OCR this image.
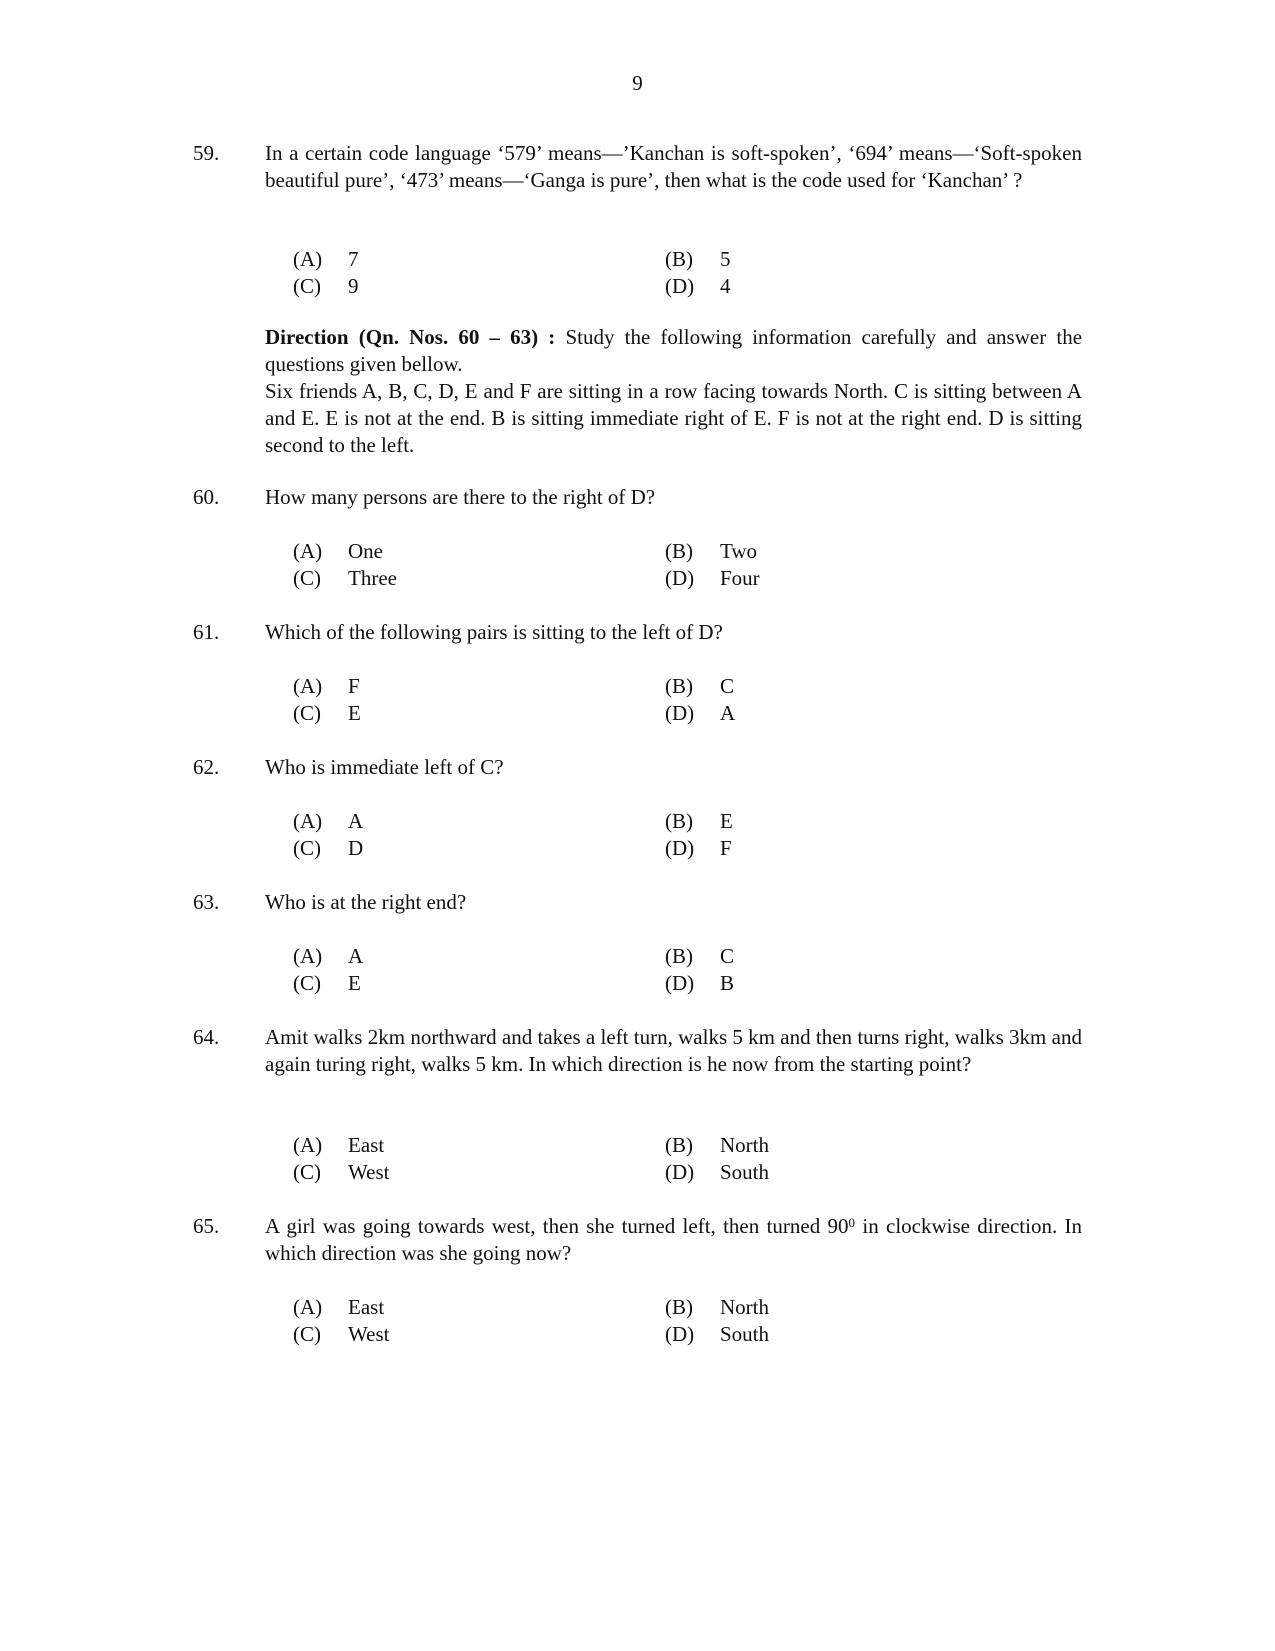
9
59. In a certain code language ‘579’ means—’Kanchan is soft-spoken’, ‘694’ means—‘Soft-spoken beautiful pure’, ‘473’ means—‘Ganga is pure’, then what is the code used for ‘Kanchan’ ?
(A) 7	(B) 5
(C) 9	(D) 4
Direction (Qn. Nos. 60 – 63) : Study the following information carefully and answer the questions given bellow.
Six friends A, B, C, D, E and F are sitting in a row facing towards North. C is sitting between A and E. E is not at the end. B is sitting immediate right of E. F is not at the right end. D is sitting second to the left.
60. How many persons are there to the right of D?
(A) One	(B) Two
(C) Three	(D) Four
61. Which of the following pairs is sitting to the left of D?
(A) F	(B) C
(C) E	(D) A
62. Who is immediate left of C?
(A) A	(B) E
(C) D	(D) F
63. Who is at the right end?
(A) A	(B) C
(C) E	(D) B
64. Amit walks 2km northward and takes a left turn, walks 5 km and then turns right, walks 3km and again turing right, walks 5 km. In which direction is he now from the starting point?
(A) East	(B) North
(C) West	(D) South
65. A girl was going towards west, then she turned left, then turned $90^0$ in clockwise direction. In which direction was she going now?
(A) East	(B) North
(C) West	(D) South
